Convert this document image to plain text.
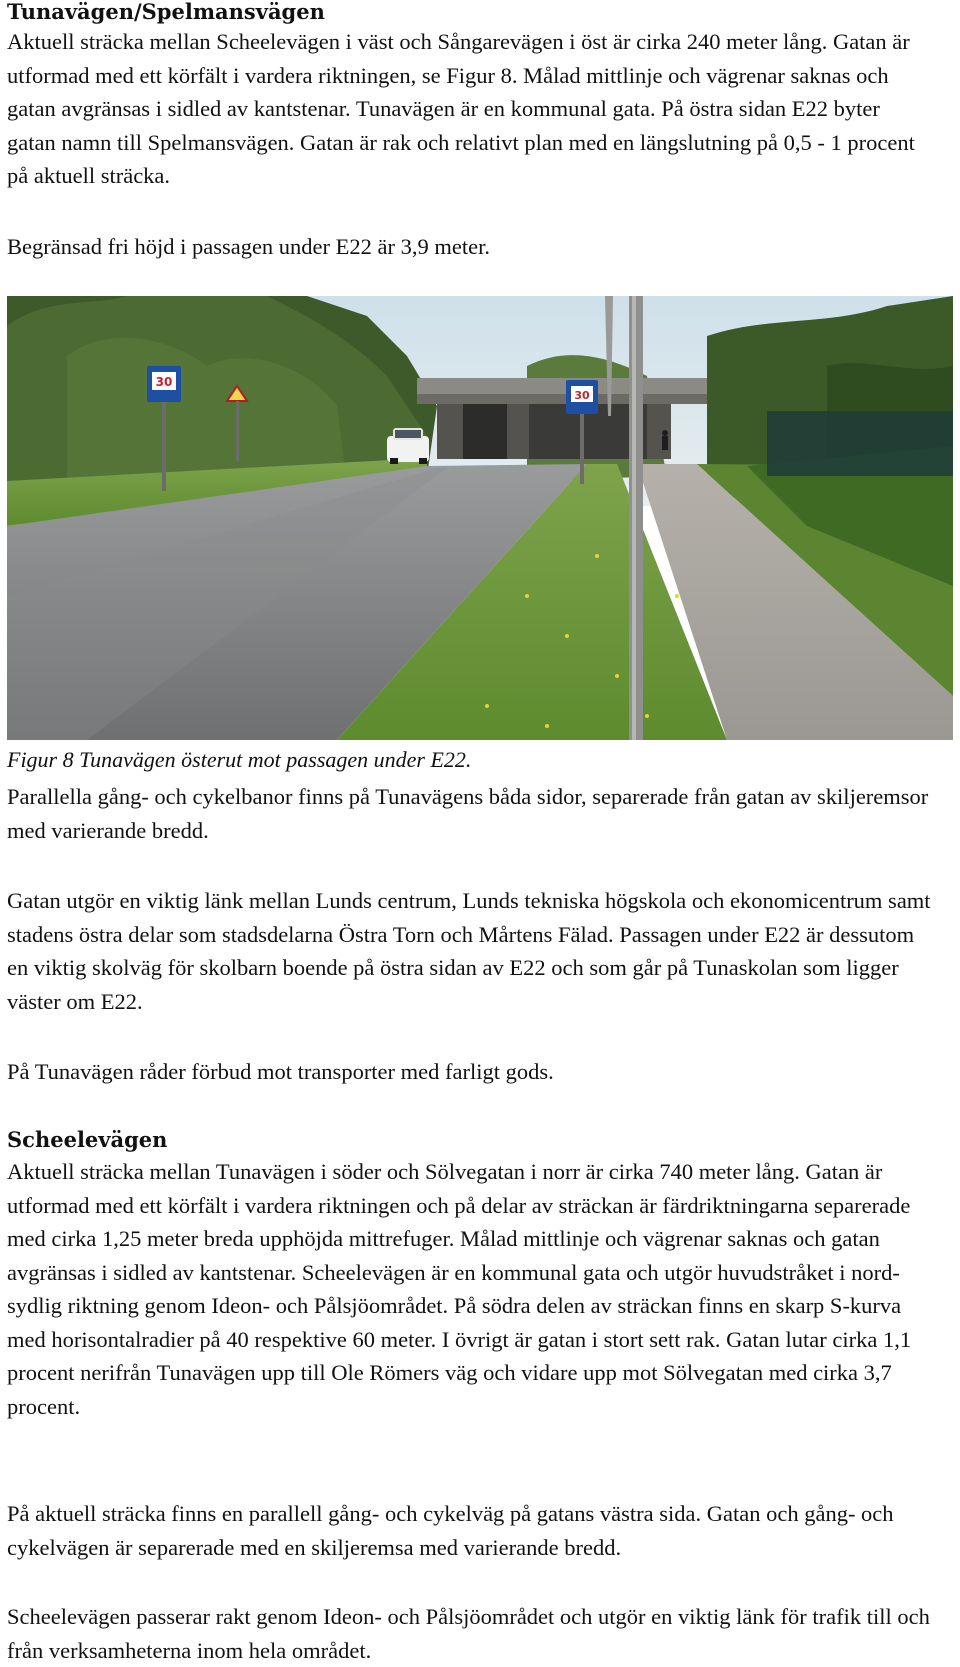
Tunavägen/Spelmansvägen

Aktuell sträcka mellan Scheelevägen i väst och Sångarevägen i öst är cirka 240 meter lång. Gatan är utformad med ett körfält i vardera riktningen, se Figur 8. Målad mittlinje och vägrenar saknas och gatan avgränsas i sidled av kantstenar. Tunavägen är en kommunal gata. På östra sidan E22 byter gatan namn till Spelmansvägen. Gatan är rak och relativt plan med en längslutning på 0,5 - 1 procent på aktuell sträcka.

Begränsad fri höjd i passagen under E22 är 3,9 meter.

Figur 8 Tunavägen österut mot passagen under E22.

Parallella gång- och cykelbanor finns på Tunavägens båda sidor, separerade från gatan av skiljeremsor med varierande bredd.

Gatan utgör en viktig länk mellan Lunds centrum, Lunds tekniska högskola och ekonomicentrum samt stadens östra delar som stadsdelarna Östra Torn och Mårtens Fälad. Passagen under E22 är dessutom en viktig skolväg för skolbarn boende på östra sidan av E22 och som går på Tunaskolan som ligger väster om E22.

På Tunavägen råder förbud mot transporter med farligt gods.

Scheelevägen

Aktuell sträcka mellan Tunavägen i söder och Sölvegatan i norr är cirka 740 meter lång. Gatan är utformad med ett körfält i vardera riktningen och på delar av sträckan är färdriktningarna separerade med cirka 1,25 meter breda upphöjda mittrefuger. Målad mittlinje och vägrenar saknas och gatan avgränsas i sidled av kantstenar. Scheelevägen är en kommunal gata och utgör huvudstråket i nord-sydlig riktning genom Ideon- och Pålsjöområdet. På södra delen av sträckan finns en skarp S-kurva med horisontalradier på 40 respektive 60 meter. I övrigt är gatan i stort sett rak. Gatan lutar cirka 1,1 procent nerifrån Tunavägen upp till Ole Römers väg och vidare upp mot Sölvegatan med cirka 3,7 procent.

På aktuell sträcka finns en parallell gång- och cykelväg på gatans västra sida. Gatan och gång- och cykelvägen är separerade med en skiljeremsa med varierande bredd.

Scheelevägen passerar rakt genom Ideon- och Pålsjöområdet och utgör en viktig länk för trafik till och från verksamheterna inom hela området.

30
30
